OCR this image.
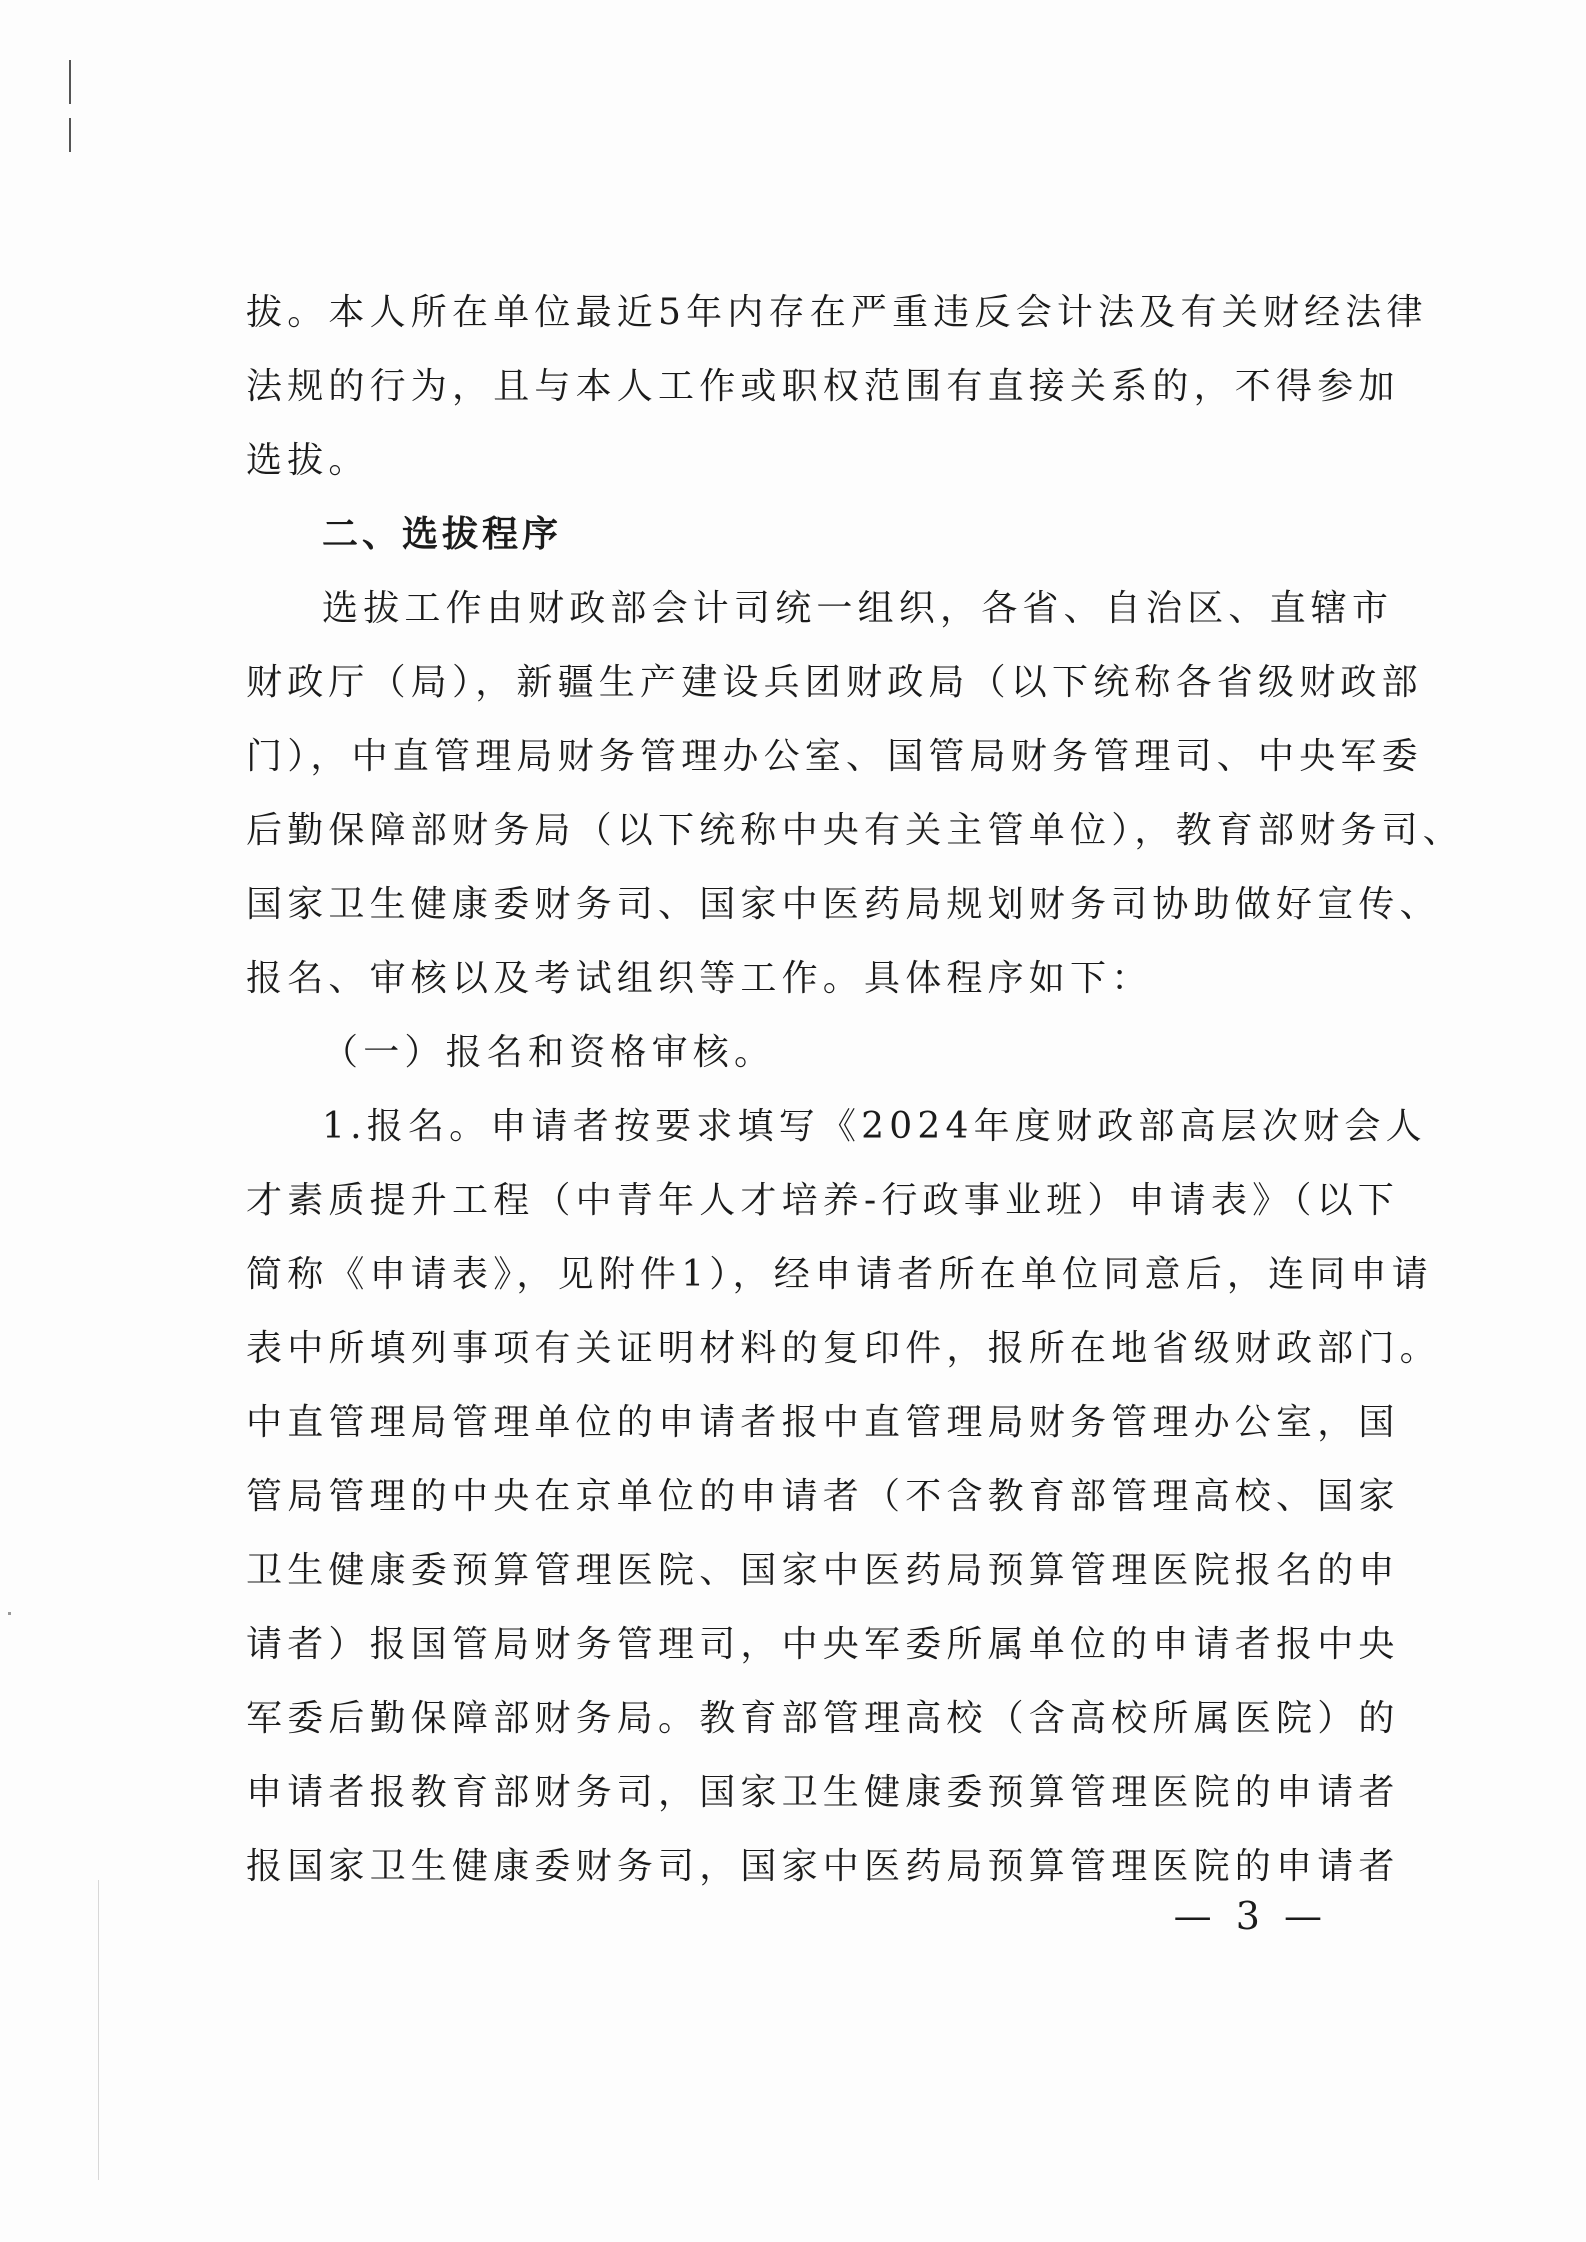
拔。本人所在单位最近5年内存在严重违反会计法及有关财经法律
法规的行为，且与本人工作或职权范围有直接关系的，不得参加
选拔。
二、选拔程序
选拔工作由财政部会计司统一组织，各省、自治区、直辖市
财政厅（局），新疆生产建设兵团财政局（以下统称各省级财政部
门），中直管理局财务管理办公室、国管局财务管理司、中央军委
后勤保障部财务局（以下统称中央有关主管单位），教育部财务司、
国家卫生健康委财务司、国家中医药局规划财务司协助做好宣传、
报名、审核以及考试组织等工作。具体程序如下：
（一）报名和资格审核。
1.报名。申请者按要求填写《2024年度财政部高层次财会人
才素质提升工程（中青年人才培养-行政事业班）申请表》（以下
简称《申请表》，见附件1），经申请者所在单位同意后，连同申请
表中所填列事项有关证明材料的复印件，报所在地省级财政部门。
中直管理局管理单位的申请者报中直管理局财务管理办公室，国
管局管理的中央在京单位的申请者（不含教育部管理高校、国家
卫生健康委预算管理医院、国家中医药局预算管理医院报名的申
请者）报国管局财务管理司，中央军委所属单位的申请者报中央
军委后勤保障部财务局。教育部管理高校（含高校所属医院）的
申请者报教育部财务司，国家卫生健康委预算管理医院的申请者
报国家卫生健康委财务司，国家中医药局预算管理医院的申请者
— 3 —
